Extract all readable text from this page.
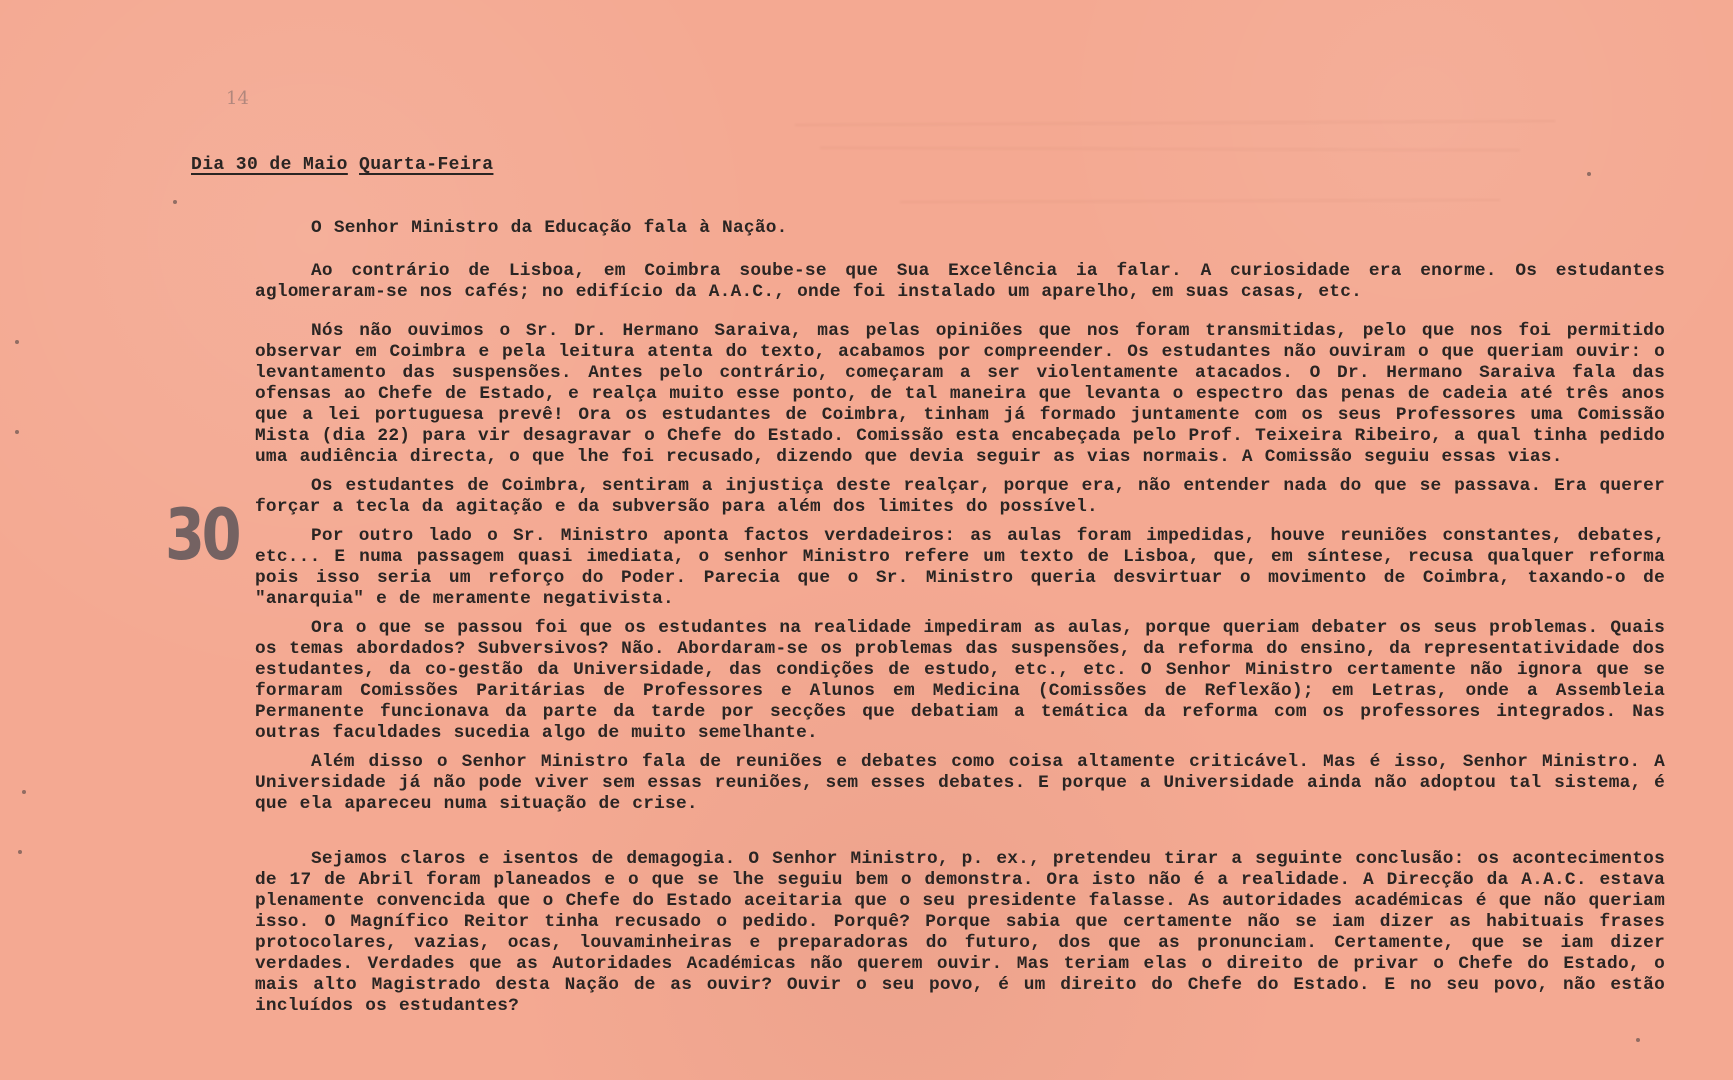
14
Dia 30 de Maio Quarta-Feira
30
O Senhor Ministro da Educação fala à Nação.

Ao contrário de Lisboa, em Coimbra soube-se que Sua Excelência ia falar. A curiosidade era enorme. Os estudantes aglomeraram-se nos cafés; no edifício da A.A.C., onde foi instalado um aparelho, em suas casas, etc.

Nós não ouvimos o Sr. Dr. Hermano Saraiva, mas pelas opiniões que nos foram transmitidas, pelo que nos foi permitido observar em Coimbra e pela leitura atenta do texto, acabamos por compreender. Os estudantes não ouviram o que queriam ouvir: o levantamento das suspensões. Antes pelo contrário, começaram a ser violentamente atacados. O Dr. Hermano Saraiva fala das ofensas ao Chefe de Estado, e realça muito esse ponto, de tal maneira que levanta o espectro das penas de cadeia até três anos que a lei portuguesa prevê! Ora os estudantes de Coimbra, tinham já formado juntamente com os seus Professores uma Comissão Mista (dia 22) para vir desagravar o Chefe do Estado. Comissão esta encabeçada pelo Prof. Teixeira Ribeiro, a qual tinha pedido uma audiência directa, o que lhe foi recusado, dizendo que devia seguir as vias normais. A Comissão seguiu essas vias.

Os estudantes de Coimbra, sentiram a injustiça deste realçar, porque era, não entender nada do que se passava. Era querer forçar a tecla da agitação e da subversão para além dos limites do possível.

Por outro lado o Sr. Ministro aponta factos verdadeiros: as aulas foram impedidas, houve reuniões constantes, debates, etc... E numa passagem quasi imediata, o senhor Ministro refere um texto de Lisboa, que, em síntese, recusa qualquer reforma pois isso seria um reforço do Poder. Parecia que o Sr. Ministro queria desvirtuar o movimento de Coimbra, taxando-o de "anarquia" e de meramente negativista.

Ora o que se passou foi que os estudantes na realidade impediram as aulas, porque queriam debater os seus problemas. Quais os temas abordados? Subversivos? Não. Abordaram-se os problemas das suspensões, da reforma do ensino, da representatividade dos estudantes, da co-gestão da Universidade, das condições de estudo, etc., etc. O Senhor Ministro certamente não ignora que se formaram Comissões Paritárias de Professores e Alunos em Medicina (Comissões de Reflexão); em Letras, onde a Assembleia Permanente funcionava da parte da tarde por secções que debatiam a temática da reforma com os professores integrados. Nas outras faculdades sucedia algo de muito semelhante.

Além disso o Senhor Ministro fala de reuniões e debates como coisa altamente criticável. Mas é isso, Senhor Ministro. A Universidade já não pode viver sem essas reuniões, sem esses debates. E porque a Universidade ainda não adoptou tal sistema, é que ela apareceu numa situação de crise.

Sejamos claros e isentos de demagogia. O Senhor Ministro, p. ex., pretendeu tirar a seguinte conclusão: os acontecimentos de 17 de Abril foram planeados e o que se lhe seguiu bem o demonstra. Ora isto não é a realidade. A Direcção da A.A.C. estava plenamente convencida que o Chefe do Estado aceitaria que o seu presidente falasse. As autoridades académicas é que não queriam isso. O Magnífico Reitor tinha recusado o pedido. Porquê? Porque sabia que certamente não se iam dizer as habituais frases protocolares, vazias, ocas, louvaminheiras e preparadoras do futuro, dos que as pronunciam. Certamente, que se iam dizer verdades. Verdades que as Autoridades Académicas não querem ouvir. Mas teriam elas o direito de privar o Chefe do Estado, o mais alto Magistrado desta Nação de as ouvir? Ouvir o seu povo, é um direito do Chefe do Estado. E no seu povo, não estão incluídos os estudantes?
